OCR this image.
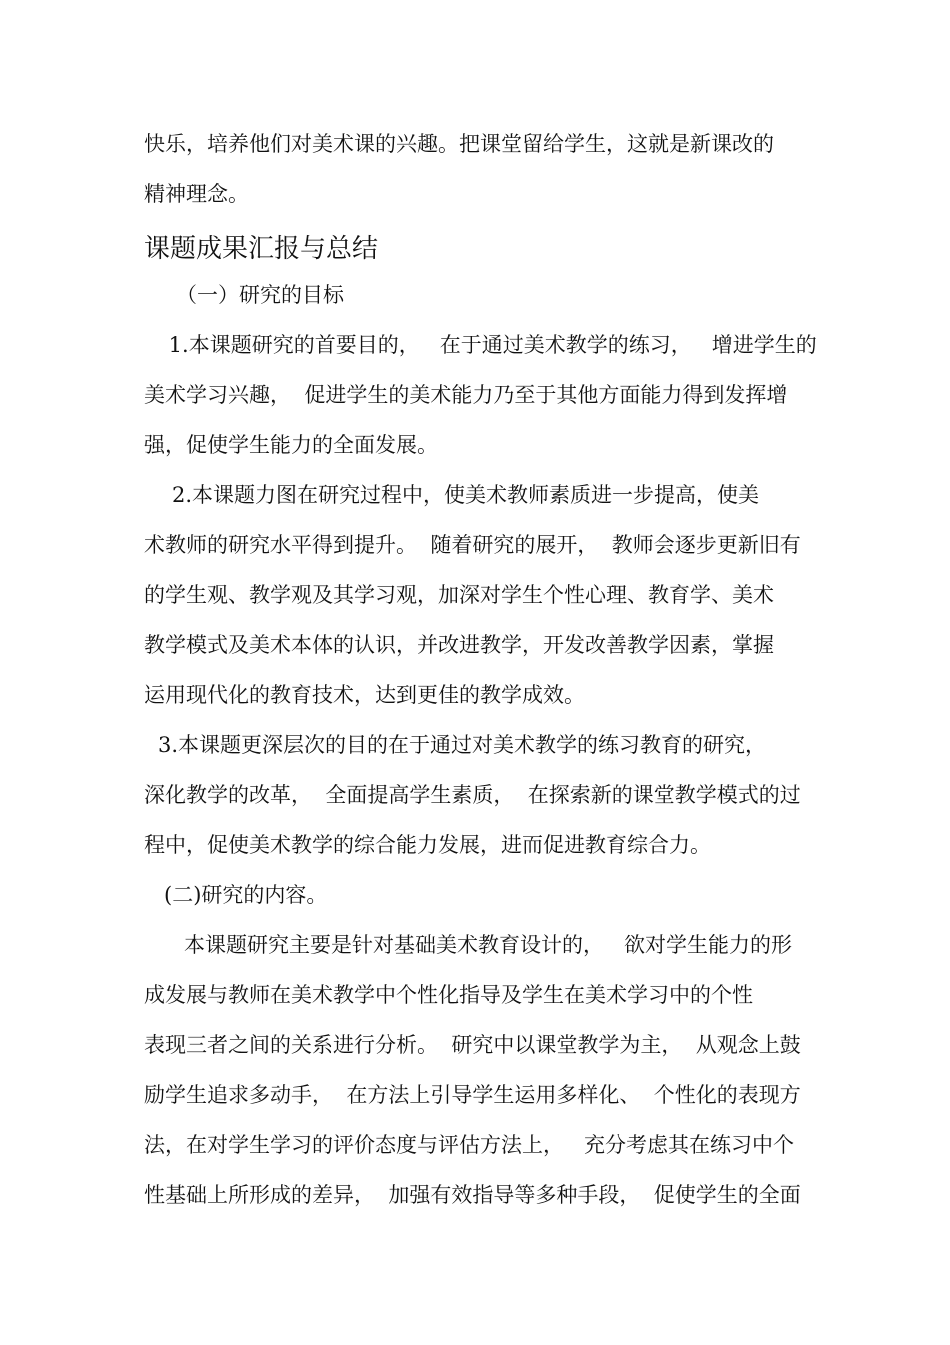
快乐，培养他们对美术课的兴趣。把课堂留给学生，这就是新课改的
精神理念。
课题成果汇报与总结
（一）研究的目标
1.本课题研究的首要目的，   在于通过美术教学的练习，   增进学生的
美术学习兴趣，  促进学生的美术能力乃至于其他方面能力得到发挥增
强，促使学生能力的全面发展。
2.本课题力图在研究过程中，使美术教师素质进一步提高，使美
术教师的研究水平得到提升。  随着研究的展开，  教师会逐步更新旧有
的学生观、教学观及其学习观，加深对学生个性心理、教育学、美术
教学模式及美术本体的认识，并改进教学，开发改善教学因素，掌握
运用现代化的教育技术，达到更佳的教学成效。
3.本课题更深层次的目的在于通过对美术教学的练习教育的研究，
深化教学的改革，  全面提高学生素质，  在探索新的课堂教学模式的过
程中，促使美术教学的综合能力发展，进而促进教育综合力。
(二)研究的内容。
本课题研究主要是针对基础美术教育设计的，   欲对学生能力的形
成发展与教师在美术教学中个性化指导及学生在美术学习中的个性
表现三者之间的关系进行分析。  研究中以课堂教学为主，  从观念上鼓
励学生追求多动手，  在方法上引导学生运用多样化、  个性化的表现方
法，在对学生学习的评价态度与评估方法上，   充分考虑其在练习中个
性基础上所形成的差异，  加强有效指导等多种手段，  促使学生的全面
